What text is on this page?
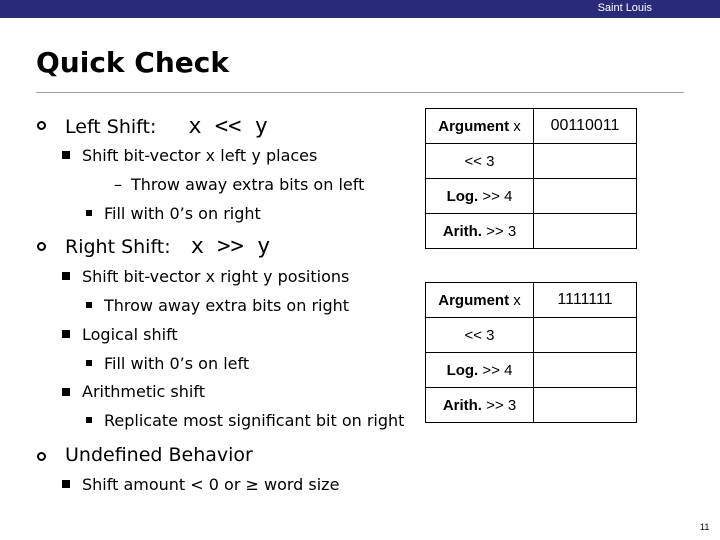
Saint Louis
Quick Check
Left Shift: x << y
Shift bit-vector x left y places
– Throw away extra bits on left
Fill with 0’s on right
Right Shift: x >> y
Shift bit-vector x right y positions
Throw away extra bits on right
Logical shift
Fill with 0’s on left
Arithmetic shift
Replicate most significant bit on right
Undefined Behavior
Shift amount < 0 or ≥ word size
Argument x	00110011
<< 3	
Log. >> 4	
Arith. >> 3	
Argument x	1111111
<< 3	
Log. >> 4	
Arith. >> 3	
11
